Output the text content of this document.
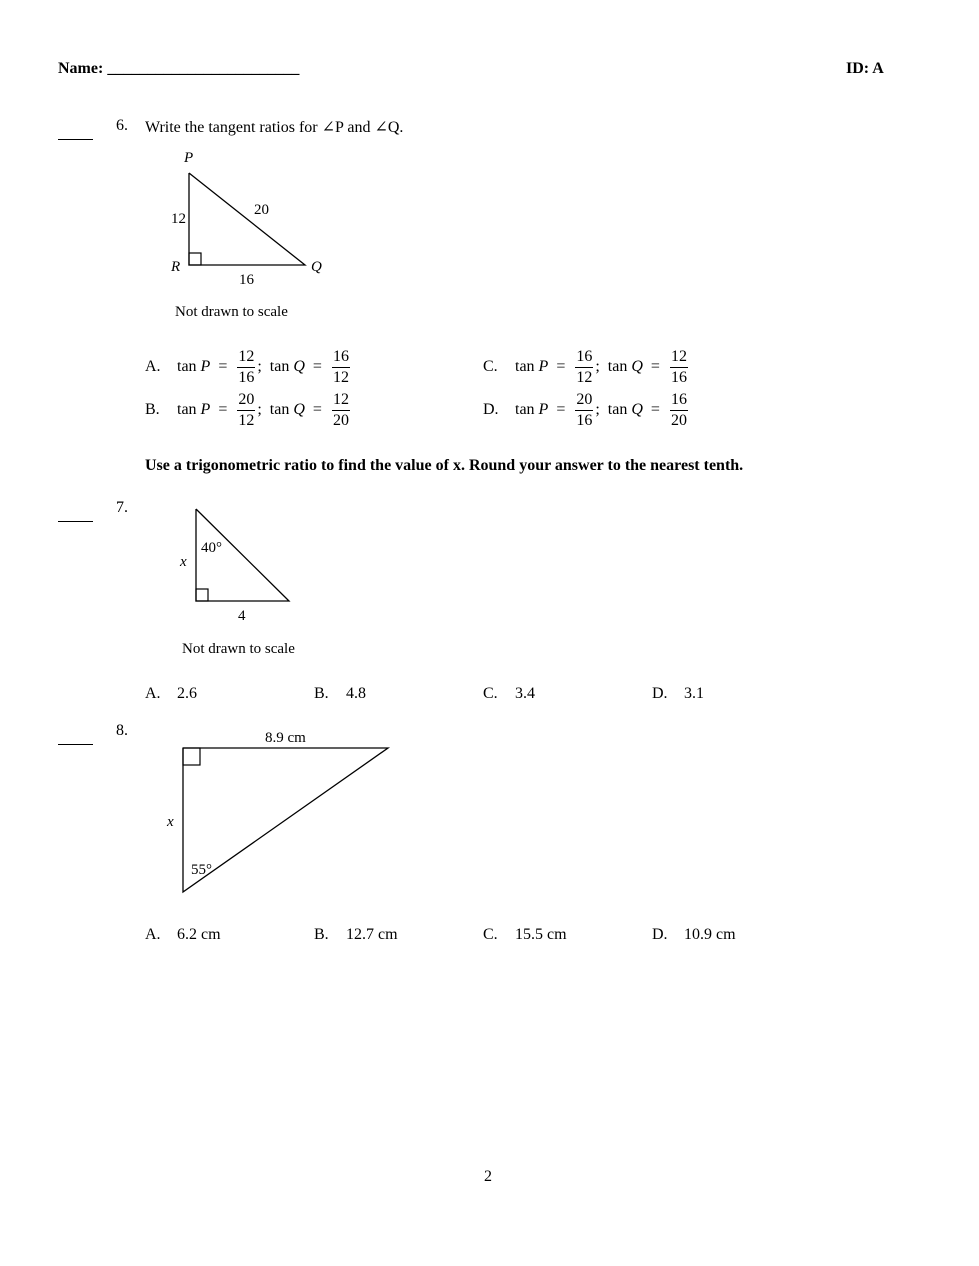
Name: ________________________	ID: A

6. Write the tangent ratios for ∠P and ∠Q.
P
12
20
R	Q
16
Not drawn to scale
A.	$\tan P = \frac{12}{16}$ ;  $\tan Q = \frac{16}{12}$
B.	$\tan P = \frac{20}{12}$ ;  $\tan Q = \frac{12}{20}$
C.	$\tan P = \frac{16}{12}$ ;  $\tan Q = \frac{12}{16}$
D.	$\tan P = \frac{20}{16}$ ;  $\tan Q = \frac{16}{20}$
Use a trigonometric ratio to find the value of x. Round your answer to the nearest tenth.

7.
40°
x
4
Not drawn to scale
A. 2.6	B. 4.8	C. 3.4	D. 3.1

8.	8.9 cm
x
55°
A. 6.2 cm	B. 12.7 cm	C. 15.5 cm	D. 10.9 cm
2
